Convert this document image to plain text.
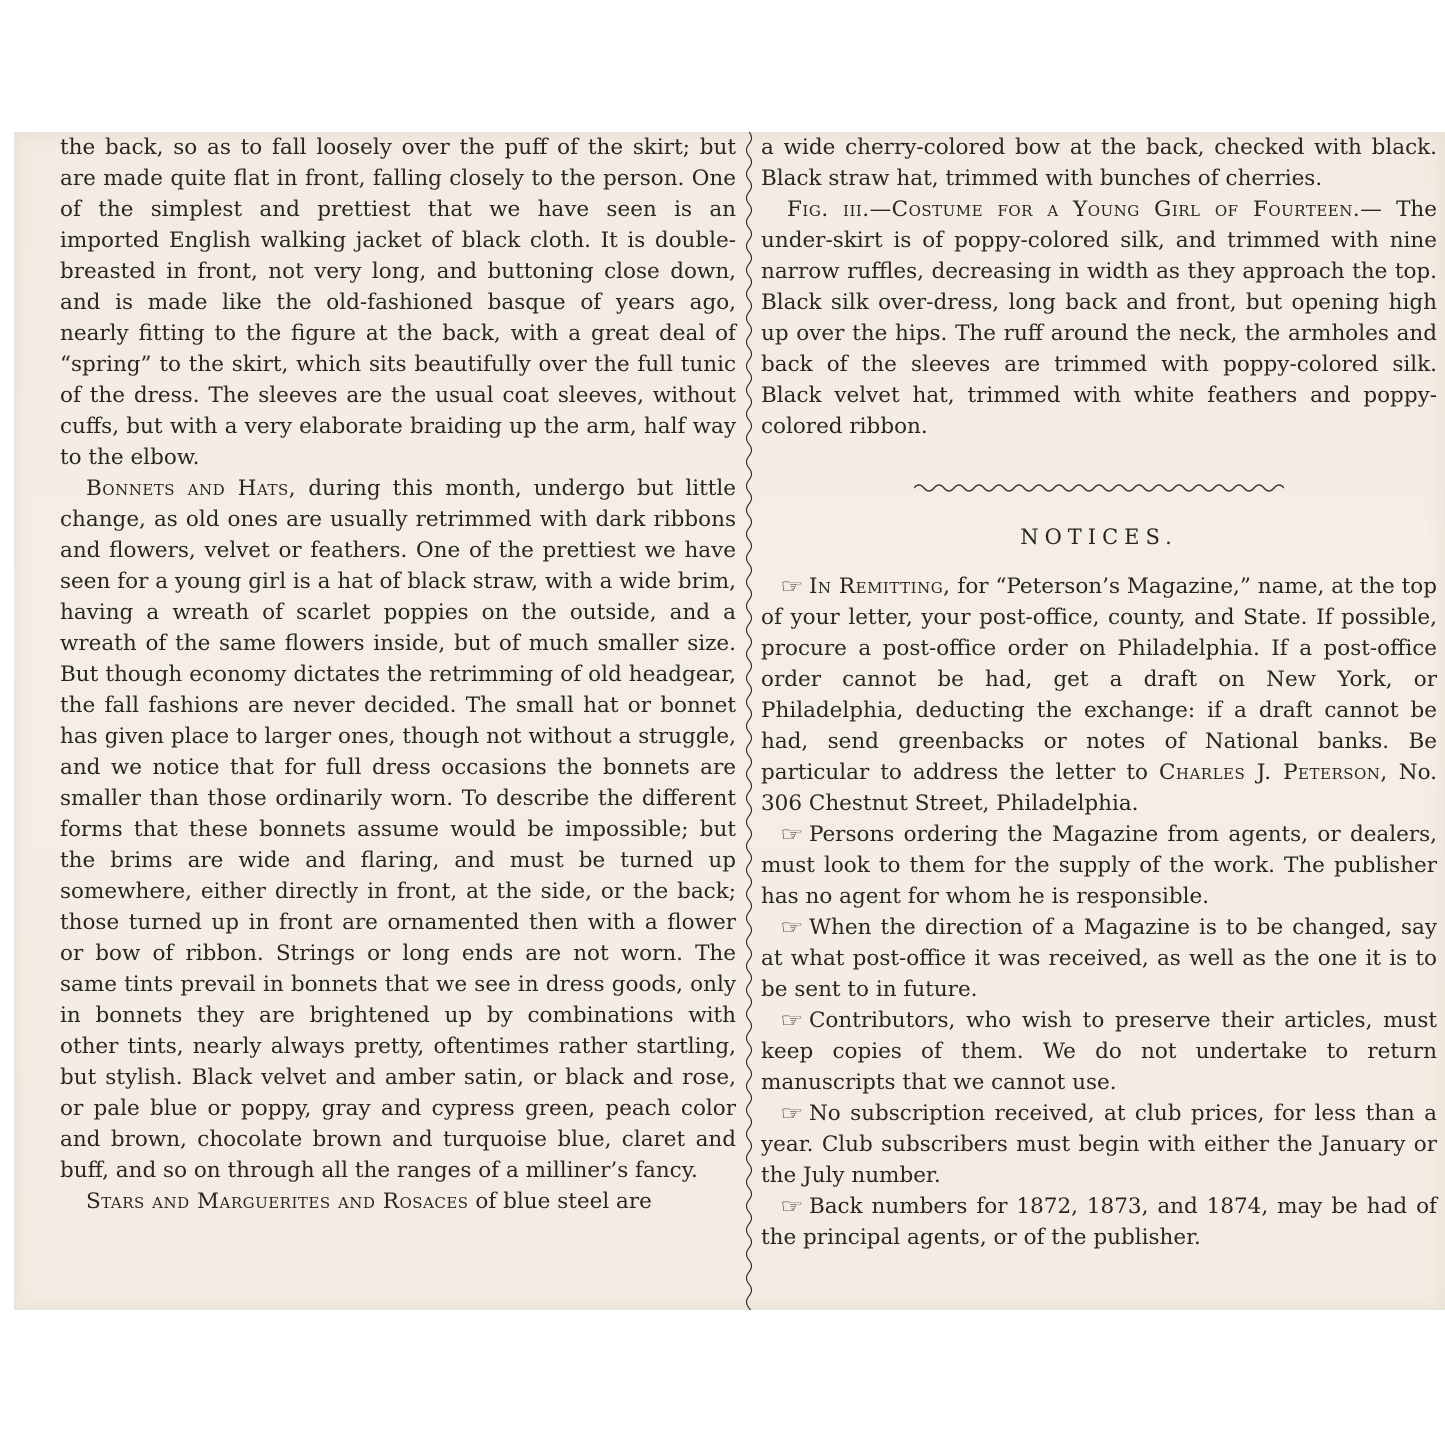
the back, so as to fall loosely over the puff of the skirt; but are made quite flat in front, falling closely to the person. One of the simplest and prettiest that we have seen is an imported English walking jacket of black cloth. It is double-breasted in front, not very long, and buttoning close down, and is made like the old-fashioned basque of years ago, nearly fitting to the figure at the back, with a great deal of “spring” to the skirt, which sits beautifully over the full tunic of the dress. The sleeves are the usual coat sleeves, without cuffs, but with a very elaborate braiding up the arm, half way to the elbow.

Bonnets and Hats, during this month, undergo but little change, as old ones are usually retrimmed with dark ribbons and flowers, velvet or feathers. One of the prettiest we have seen for a young girl is a hat of black straw, with a wide brim, having a wreath of scarlet poppies on the outside, and a wreath of the same flowers inside, but of much smaller size. But though economy dictates the retrimming of old headgear, the fall fashions are never decided. The small hat or bonnet has given place to larger ones, though not without a struggle, and we notice that for full dress occasions the bonnets are smaller than those ordinarily worn. To describe the different forms that these bonnets assume would be impossible; but the brims are wide and flaring, and must be turned up somewhere, either directly in front, at the side, or the back; those turned up in front are ornamented then with a flower or bow of ribbon. Strings or long ends are not worn. The same tints prevail in bonnets that we see in dress goods, only in bonnets they are brightened up by combinations with other tints, nearly always pretty, oftentimes rather startling, but stylish. Black velvet and amber satin, or black and rose, or pale blue or poppy, gray and cypress green, peach color and brown, chocolate brown and turquoise blue, claret and buff, and so on through all the ranges of a milliner’s fancy.

Stars and Marguerites and Rosaces of blue steel are

a wide cherry-colored bow at the back, checked with black. Black straw hat, trimmed with bunches of cherries.

Fig. iii.—Costume for a Young Girl of Fourteen.— The under-skirt is of poppy-colored silk, and trimmed with nine narrow ruffles, decreasing in width as they approach the top. Black silk over-dress, long back and front, but opening high up over the hips. The ruff around the neck, the armholes and back of the sleeves are trimmed with poppy-colored silk. Black velvet hat, trimmed with white feathers and poppy-colored ribbon.

NOTICES.

☞ In Remitting, for “Peterson’s Magazine,” name, at the top of your letter, your post-office, county, and State. If possible, procure a post-office order on Philadelphia. If a post-office order cannot be had, get a draft on New York, or Philadelphia, deducting the exchange: if a draft cannot be had, send greenbacks or notes of National banks. Be particular to address the letter to Charles J. Peterson, No. 306 Chestnut Street, Philadelphia.

☞ Persons ordering the Magazine from agents, or dealers, must look to them for the supply of the work. The publisher has no agent for whom he is responsible.

☞ When the direction of a Magazine is to be changed, say at what post-office it was received, as well as the one it is to be sent to in future.

☞ Contributors, who wish to preserve their articles, must keep copies of them. We do not undertake to return manuscripts that we cannot use.

☞ No subscription received, at club prices, for less than a year. Club subscribers must begin with either the January or the July number.

☞ Back numbers for 1872, 1873, and 1874, may be had of the principal agents, or of the publisher.
